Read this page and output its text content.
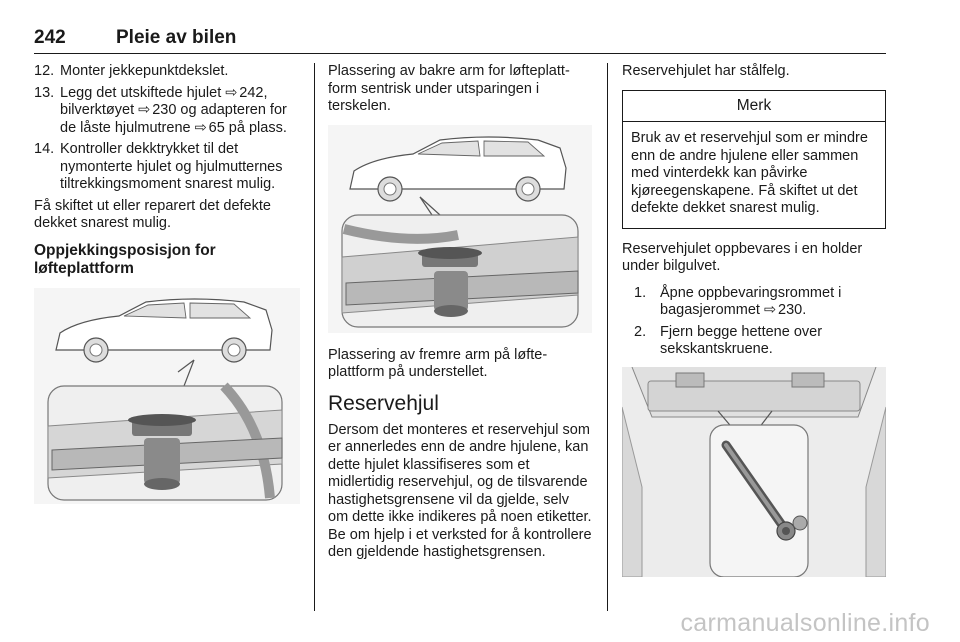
242	Pleie av bilen
12. Monter jekkepunktdekslet.
13. Legg det utskiftede hjulet ⇨ 242, bilverktøyet ⇨ 230 og adapteren for de låste hjulmutrene ⇨ 65 på plass.
14. Kontroller dekktrykket til det nymonterte hjulet og hjulmutternes tiltrekkingsmoment snarest mulig.

Få skiftet ut eller reparert det defekte dekket snarest mulig.

Oppjekkingsposisjon for
løfteplattform

Plassering av bakre arm for løfteplattform sentrisk under utsparingen i terskelen.

Plassering av fremre arm på løfteplattform på understellet.

Reservehjul

Dersom det monteres et reservehjul som er annerledes enn de andre hjulene, kan dette hjulet klassifiseres som et midlertidig reservehjul, og de tilsvarende hastighetsgrensene vil da gjelde, selv om dette ikke indikeres på noen etiketter. Be om hjelp i et verksted for å kontrollere den gjeldende hastighetsgrensen.

Reservehjulet har stålfelg.

Merk
Bruk av et reservehjul som er mindre enn de andre hjulene eller sammen med vinterdekk kan påvirke kjøreegenskapene. Få skiftet ut det defekte dekket snarest mulig.

Reservehjulet oppbevares i en holder under bilgulvet.

1. Åpne oppbevaringsrommet i bagasjerommet ⇨ 230.
2. Fjern begge hettene over sekskantskruene.
carmanualsonline.info
